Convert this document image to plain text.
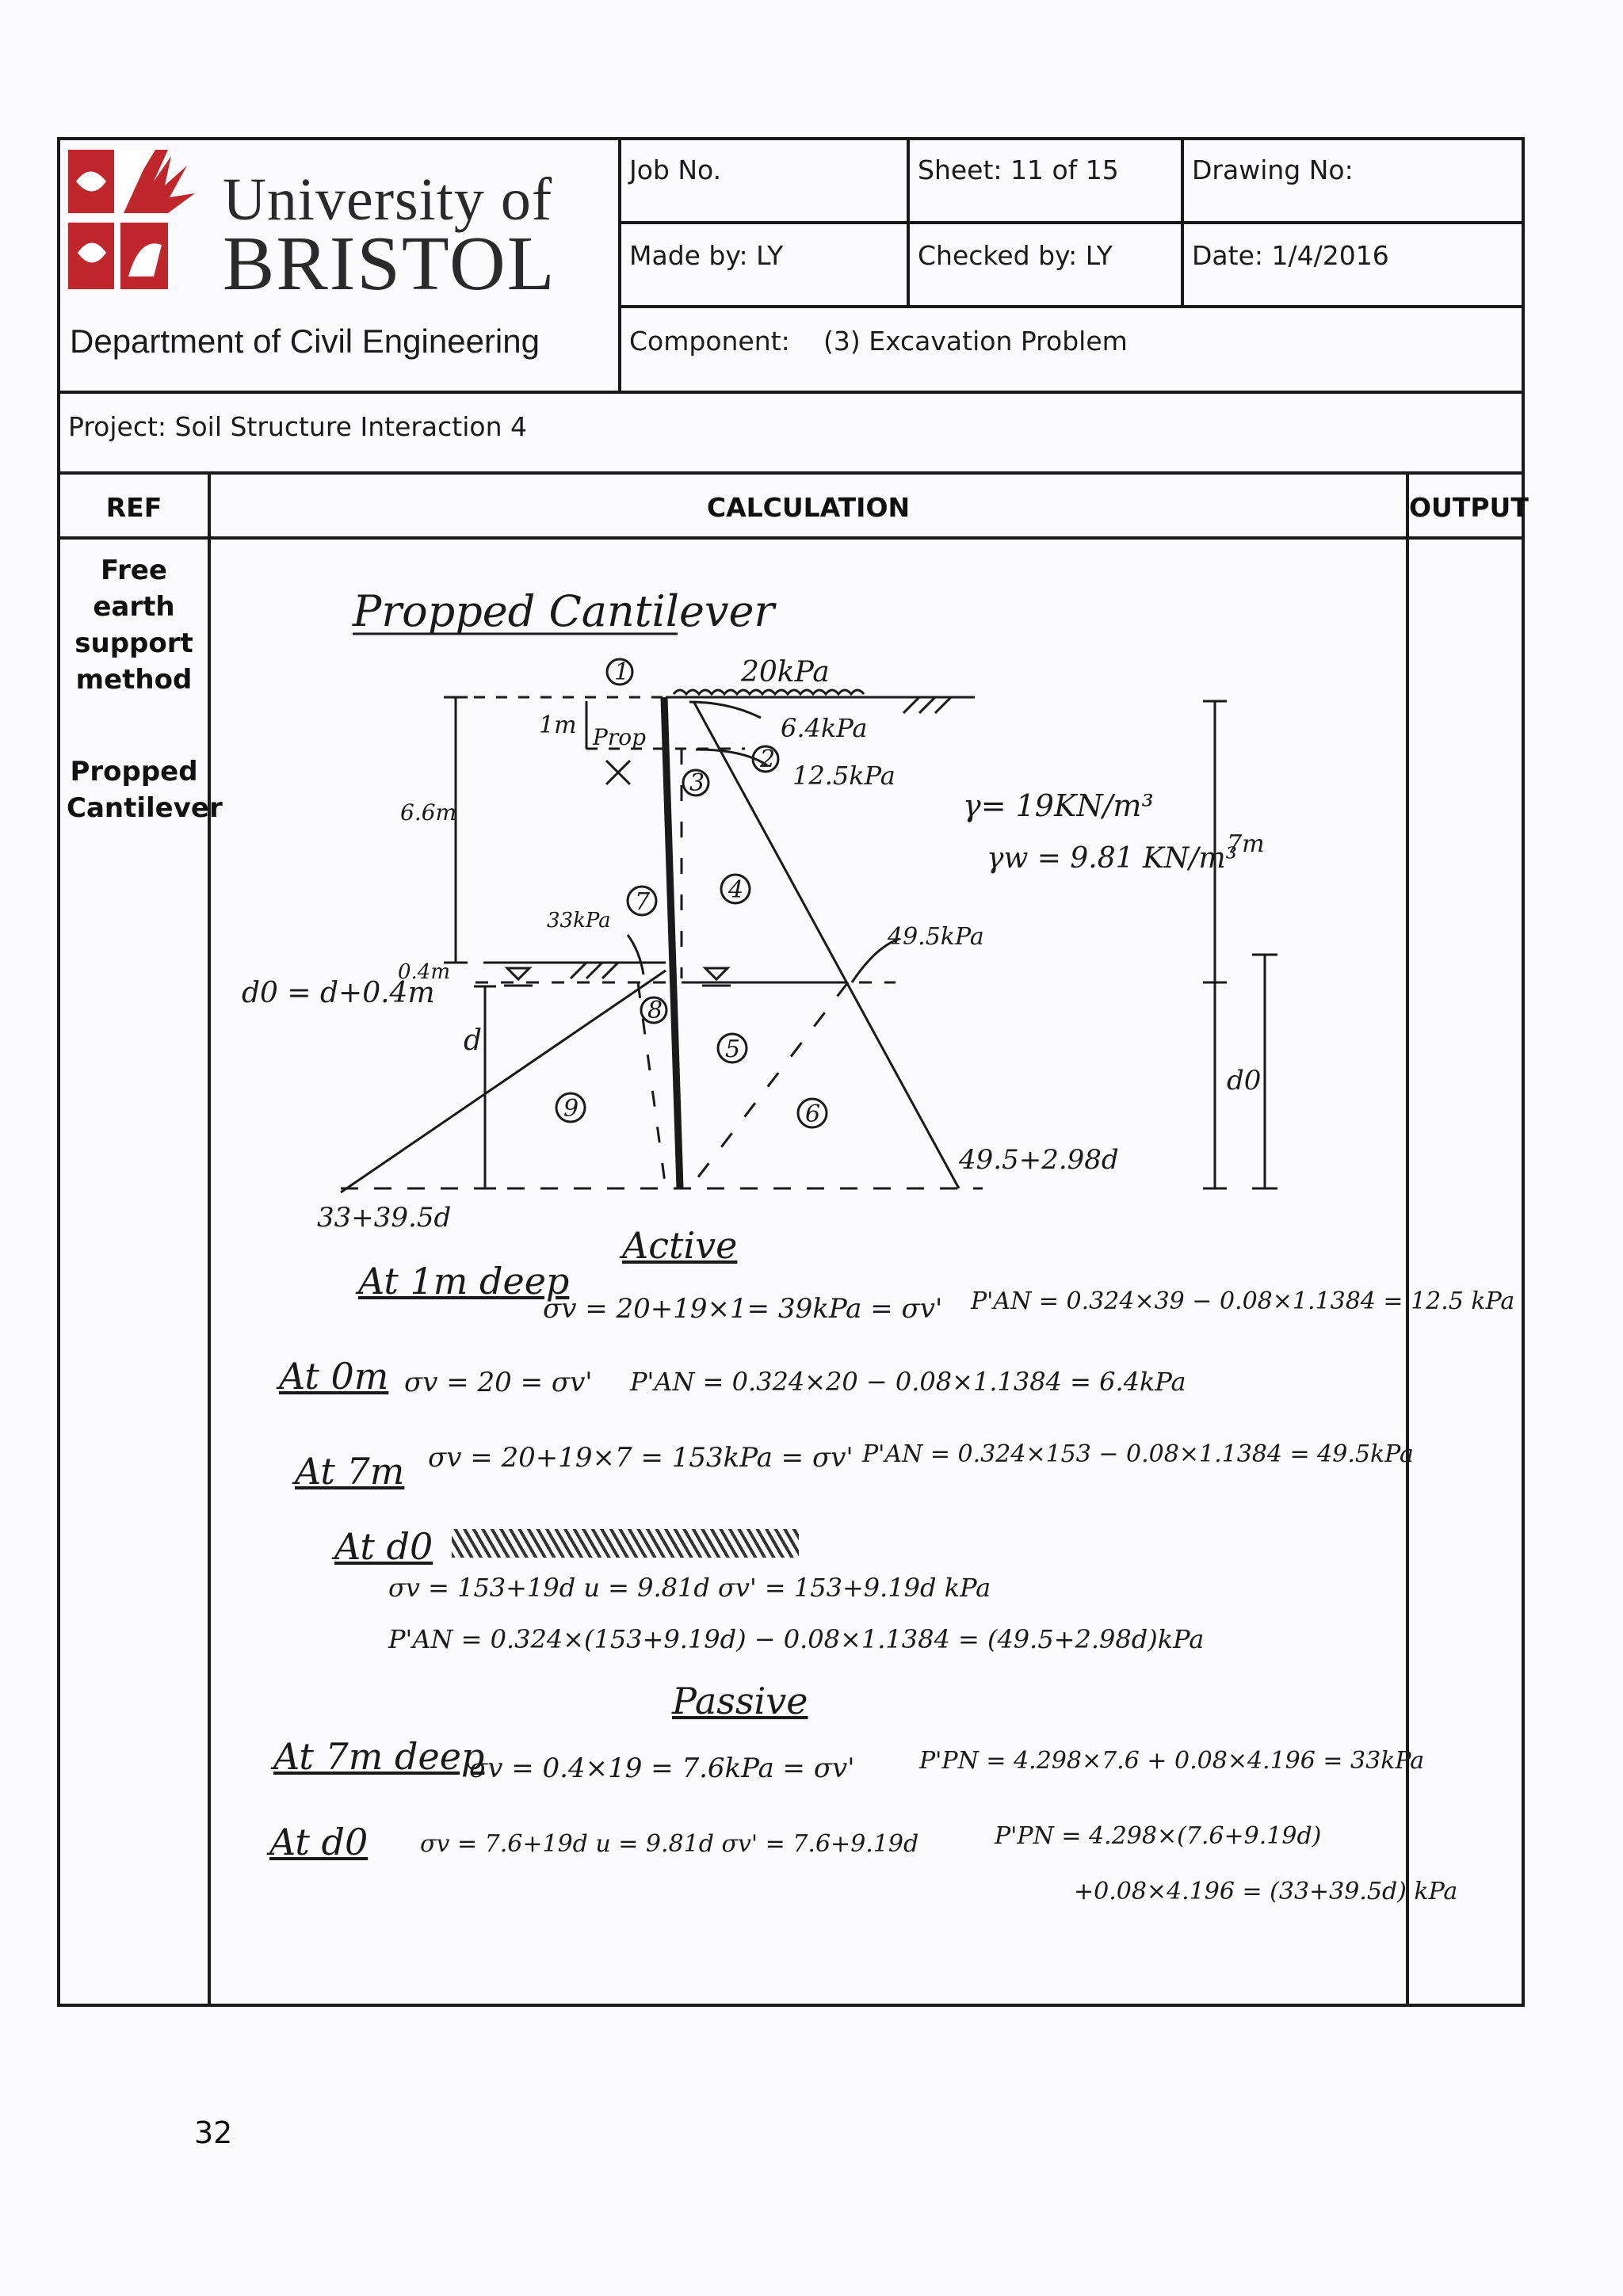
University of
BRISTOL
Department of Civil Engineering
Job No.	Sheet: 11 of 15	Drawing No:
Made by: LY	Checked by: LY	Date: 1/4/2016
Component: (3) Excavation Problem
Project: Soil Structure Interaction 4
REF	CALCULATION	OUTPUT
Free earth support method
Propped Cantilever
1
2
3
4
5
6
7
8
9
Propped Cantilever
20kPa
6.4kPa
12.5kPa
γ= 19KN/m³
γw = 9.81 KN/m³
Prop
1m
6.6m
0.4m
7m
d0 = d+0.4m
d
d0
33kPa
49.5kPa
49.5+2.98d
33+39.5d
Active
At 1m deep
σv = 20+19×1= 39kPa = σv' P'AN = 0.324×39 − 0.08×1.1384 = 12.5 kPa
At 0m σv = 20 = σv' P'AN = 0.324×20 − 0.08×1.1384 = 6.4kPa
At 7m σv = 20+19×7 = 153kPa = σv' P'AN = 0.324×153 − 0.08×1.1384 = 49.5kPa
At d0
σv = 153+19d u = 9.81d σv' = 153+9.19d kPa
P'AN = 0.324×(153+9.19d) − 0.08×1.1384 = (49.5+2.98d)kPa
Passive
At 7m deep
σv = 0.4×19 = 7.6kPa = σv'	P'PN = 4.298×7.6 + 0.08×4.196 = 33kPa
At d0 σv = 7.6+19d u = 9.81d σv' = 7.6+9.19d	P'PN = 4.298×(7.6+9.19d)
+0.08×4.196 = (33+39.5d) kPa
32
